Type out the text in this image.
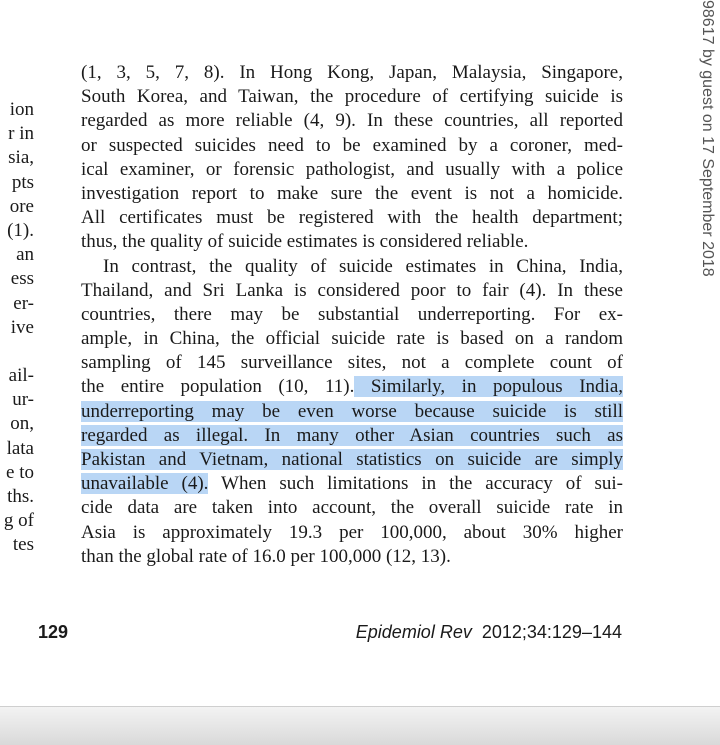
98617 by guest on 17 September 2018
ion
r in
sia,
pts
ore
(1).
an
ess
er-
ive
ail-
ur-
on,
lata
e to
ths.
g of
tes
(1, 3, 5, 7, 8). In Hong Kong, Japan, Malaysia, Singapore,
South Korea, and Taiwan, the procedure of certifying suicide is
regarded as more reliable (4, 9). In these countries, all reported
or suspected suicides need to be examined by a coroner, med-
ical examiner, or forensic pathologist, and usually with a police
investigation report to make sure the event is not a homicide.
All certificates must be registered with the health department;
thus, the quality of suicide estimates is considered reliable.
In contrast, the quality of suicide estimates in China, India,
Thailand, and Sri Lanka is considered poor to fair (4). In these
countries, there may be substantial underreporting. For ex-
ample, in China, the official suicide rate is based on a random
sampling of 145 surveillance sites, not a complete count of
the entire population (10, 11). Similarly, in populous India,
underreporting may be even worse because suicide is still
regarded as illegal. In many other Asian countries such as
Pakistan and Vietnam, national statistics on suicide are simply
unavailable (4). When such limitations in the accuracy of sui-
cide data are taken into account, the overall suicide rate in
Asia is approximately 19.3 per 100,000, about 30% higher
than the global rate of 16.0 per 100,000 (12, 13).
129	Epidemiol Rev 2012;34:129–144
